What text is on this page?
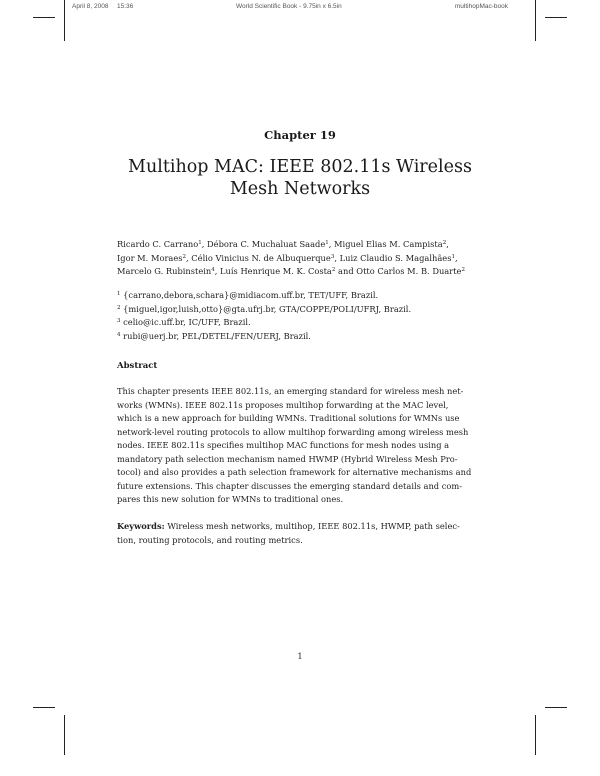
April 8, 2008 15:36	World Scientific Book - 9.75in x 6.5in	multihopMac-book
Chapter 19
Multihop MAC: IEEE 802.11s Wireless
Mesh Networks
Ricardo C. Carrano$^1$, Débora C. Muchaluat Saade$^1$, Miguel Elias M. Campista$^2$,
Igor M. Moraes$^2$, Célio Vinicius N. de Albuquerque$^3$, Luiz Claudio S. Magalhães$^1$,
Marcelo G. Rubinstein$^4$, Luís Henrique M. K. Costa$^2$ and Otto Carlos M. B. Duarte$^2$
$^1$ {carrano,debora,schara}@midiacom.uff.br, TET/UFF, Brazil.
$^2$ {miguel,igor,luish,otto}@gta.ufrj.br, GTA/COPPE/POLI/UFRJ, Brazil.
$^3$ celio@ic.uff.br, IC/UFF, Brazil.
$^4$ rubi@uerj.br, PEL/DETEL/FEN/UERJ, Brazil.
Abstract
This chapter presents IEEE 802.11s, an emerging standard for wireless mesh net-
works (WMNs). IEEE 802.11s proposes multihop forwarding at the MAC level,
which is a new approach for building WMNs. Traditional solutions for WMNs use
network-level routing protocols to allow multihop forwarding among wireless mesh
nodes. IEEE 802.11s specifies multihop MAC functions for mesh nodes using a
mandatory path selection mechanism named HWMP (Hybrid Wireless Mesh Pro-
tocol) and also provides a path selection framework for alternative mechanisms and
future extensions. This chapter discusses the emerging standard details and com-
pares this new solution for WMNs to traditional ones.
Keywords: Wireless mesh networks, multihop, IEEE 802.11s, HWMP, path selec-
tion, routing protocols, and routing metrics.
1
